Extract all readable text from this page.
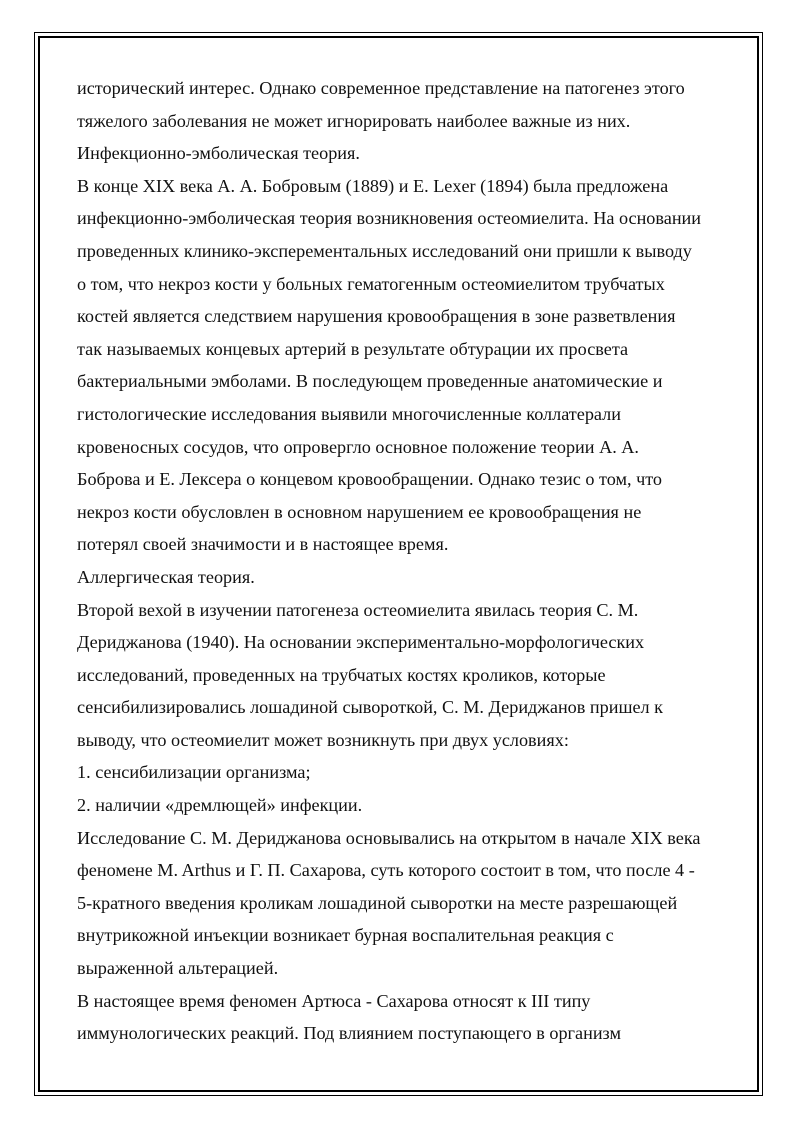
исторический интерес. Однако современное представление на патогенез этого
тяжелого заболевания не может игнорировать наиболее важные из них.
Инфекционно-эмболическая теория.
В конце XIX века А. А. Бобровым (1889) и E. Lexer (1894) была предложена
инфекционно-эмболическая теория возникновения остеомиелита. На основании
проведенных клинико-эксперементальных исследований они пришли к выводу
о том, что некроз кости у больных гематогенным остеомиелитом трубчатых
костей является следствием нарушения кровообращения в зоне разветвления
так называемых концевых артерий в результате обтурации их просвета
бактериальными эмболами. В последующем проведенные анатомические и
гистологические исследования выявили многочисленные коллатерали
кровеносных сосудов, что опровергло основное положение теории А. А.
Боброва и Е. Лексера о концевом кровообращении. Однако тезис о том, что
некроз кости обусловлен в основном нарушением ее кровообращения не
потерял своей значимости и в настоящее время.
Аллергическая теория.
Второй вехой в изучении патогенеза остеомиелита явилась теория С. М.
Дериджанова (1940). На основании экспериментально-морфологических
исследований, проведенных на трубчатых костях кроликов, которые
сенсибилизировались лошадиной сывороткой, С. М. Дериджанов пришел к
выводу, что остеомиелит может возникнуть при двух условиях:
1. сенсибилизации организма;
2. наличии «дремлющей» инфекции.
Исследование С. М. Дериджанова основывались на открытом в начале XIX века
феномене M. Arthus и Г. П. Сахарова, суть которого состоит в том, что после 4 -
5-кратного введения кроликам лошадиной сыворотки на месте разрешающей
внутрикожной инъекции возникает бурная воспалительная реакция с
выраженной альтерацией.
В настоящее время феномен Артюса - Сахарова относят к III типу
иммунологических реакций. Под влиянием поступающего в организм
